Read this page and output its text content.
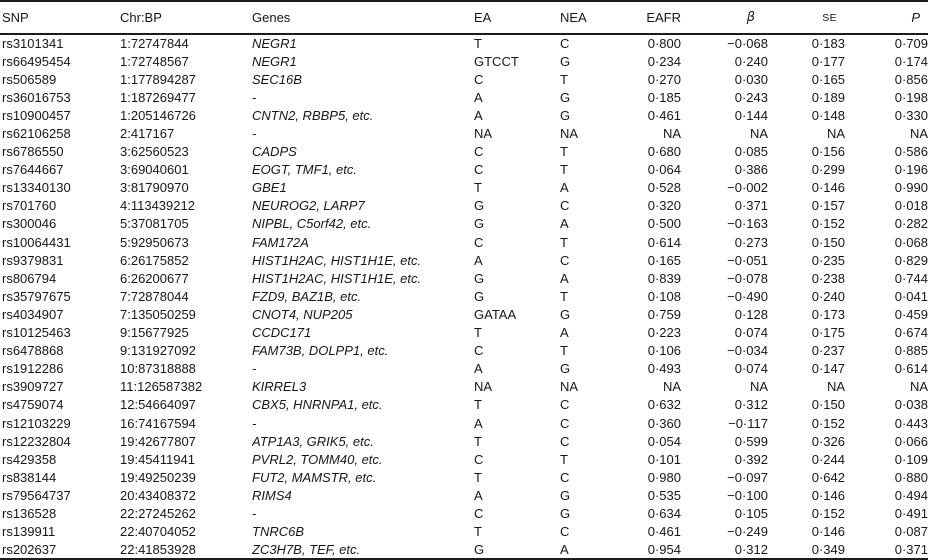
SNP	Chr:BP	Genes	EA	NEA	EAFR	β	SE	P
rs3101341	1:72747844	NEGR1	T	C	0·800	−0·068	0·183	0·709
rs66495454	1:72748567	NEGR1	GTCCT	G	0·234	0·240	0·177	0·174
rs506589	1:177894287	SEC16B	C	T	0·270	0·030	0·165	0·856
rs36016753	1:187269477	-	A	G	0·185	0·243	0·189	0·198
rs10900457	1:205146726	CNTN2, RBBP5, etc.	A	G	0·461	0·144	0·148	0·330
rs62106258	2:417167	-	NA	NA	NA	NA	NA	NA
rs6786550	3:62560523	CADPS	C	T	0·680	0·085	0·156	0·586
rs7644667	3:69040601	EOGT, TMF1, etc.	C	T	0·064	0·386	0·299	0·196
rs13340130	3:81790970	GBE1	T	A	0·528	−0·002	0·146	0·990
rs701760	4:113439212	NEUROG2, LARP7	G	C	0·320	0·371	0·157	0·018
rs300046	5:37081705	NIPBL, C5orf42, etc.	G	A	0·500	−0·163	0·152	0·282
rs10064431	5:92950673	FAM172A	C	T	0·614	0·273	0·150	0·068
rs9379831	6:26175852	HIST1H2AC, HIST1H1E, etc.	A	C	0·165	−0·051	0·235	0·829
rs806794	6:26200677	HIST1H2AC, HIST1H1E, etc.	G	A	0·839	−0·078	0·238	0·744
rs35797675	7:72878044	FZD9, BAZ1B, etc.	G	T	0·108	−0·490	0·240	0·041
rs4034907	7:135050259	CNOT4, NUP205	GATAA	G	0·759	0·128	0·173	0·459
rs10125463	9:15677925	CCDC171	T	A	0·223	0·074	0·175	0·674
rs6478868	9:131927092	FAM73B, DOLPP1, etc.	C	T	0·106	−0·034	0·237	0·885
rs1912286	10:87318888	-	A	G	0·493	0·074	0·147	0·614
rs3909727	11:126587382	KIRREL3	NA	NA	NA	NA	NA	NA
rs4759074	12:54664097	CBX5, HNRNPA1, etc.	T	C	0·632	0·312	0·150	0·038
rs12103229	16:74167594	-	A	C	0·360	−0·117	0·152	0·443
rs12232804	19:42677807	ATP1A3, GRIK5, etc.	T	C	0·054	0·599	0·326	0·066
rs429358	19:45411941	PVRL2, TOMM40, etc.	C	T	0·101	0·392	0·244	0·109
rs838144	19:49250239	FUT2, MAMSTR, etc.	T	C	0·980	−0·097	0·642	0·880
rs79564737	20:43408372	RIMS4	A	G	0·535	−0·100	0·146	0·494
rs136528	22:27245262	-	C	G	0·634	0·105	0·152	0·491
rs139911	22:40704052	TNRC6B	T	C	0·461	−0·249	0·146	0·087
rs202637	22:41853928	ZC3H7B, TEF, etc.	G	A	0·954	0·312	0·349	0·371
